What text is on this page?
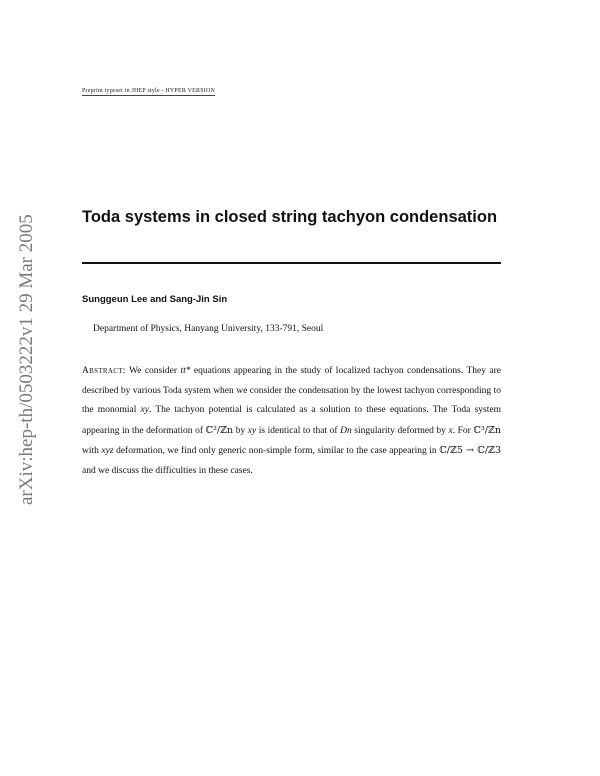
Preprint typeset in JHEP style - HYPER VERSION
arXiv:hep-th/0503222v1 29 Mar 2005	Toda systems in closed string tachyon condensation
Sunggeun Lee and Sang-Jin Sin
Department of Physics, Hanyang University, 133-791, Seoul
Abstract: We consider tt* equations appearing in the study of localized tachyon condensations. They are described by various Toda system when we consider the condensation by the lowest tachyon corresponding to the monomial xy. The tachyon potential is calculated as a solution to these equations. The Toda system appearing in the deformation of ℂ²/ℤn by xy is identical to that of Dn singularity deformed by x. For ℂ³/ℤn with xyz deformation, we find only generic non-simple form, similar to the case appearing in ℂ/ℤ5 → ℂ/ℤ3 and we discuss the difficulties in these cases.
